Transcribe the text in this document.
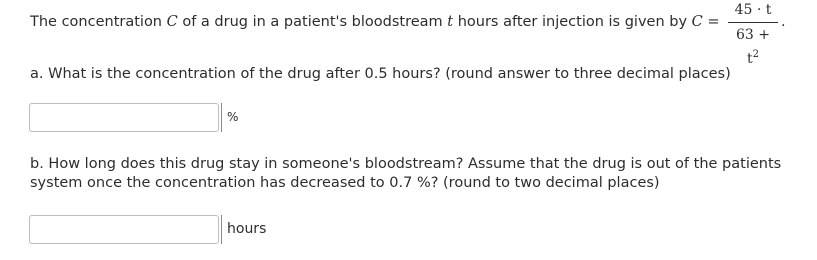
The concentration C of a drug in a patient's bloodstream t hours after injection is given by C =
45 · t
$63 + t^2$
.
a. What is the concentration of the drug after 0.5 hours? (round answer to three decimal places)
%
b. How long does this drug stay in someone's bloodstream? Assume that the drug is out of the patients
system once the concentration has decreased to 0.7 %? (round to two decimal places)
hours
